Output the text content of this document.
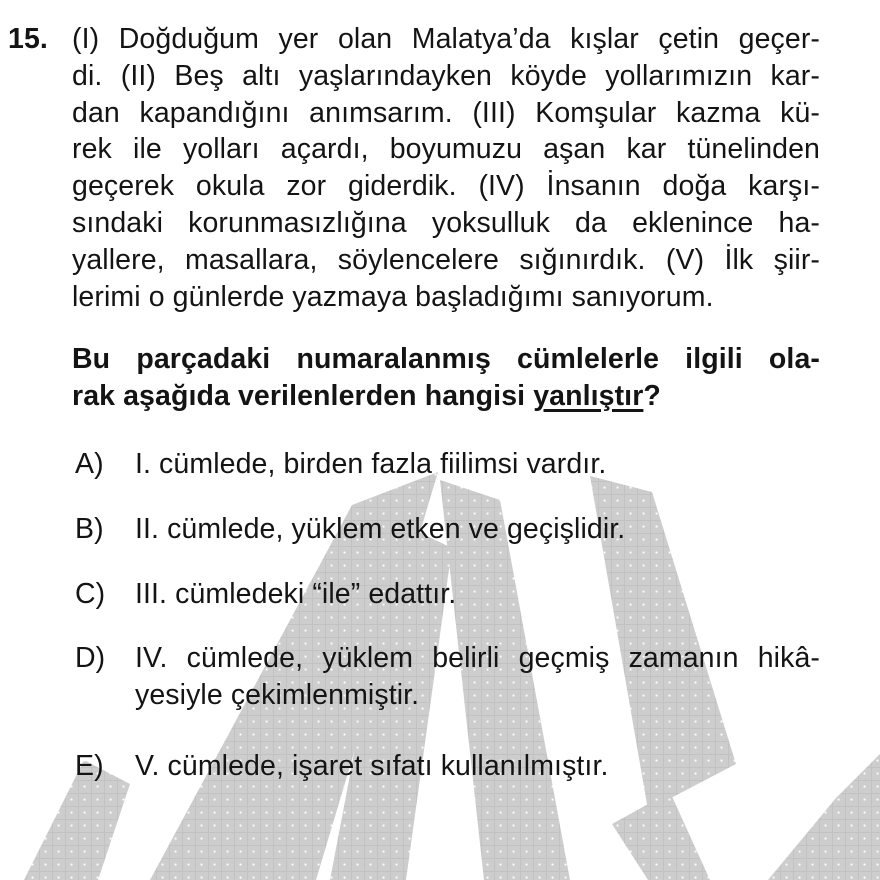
15. (I) Doğduğum yer olan Malatya’da kışlar çetin geçer-
di. (II) Beş altı yaşlarındayken köyde yollarımızın kar-
dan kapandığını anımsarım. (III) Komşular kazma kü-
rek ile yolları açardı, boyumuzu aşan kar tünelinden
geçerek okula zor giderdik. (IV) İnsanın doğa karşı-
sındaki korunmasızlığına yoksulluk da eklenince ha-
yallere, masallara, söylencelere sığınırdık. (V) İlk şiir-
lerimi o günlerde yazmaya başladığımı sanıyorum.
Bu parçadaki numaralanmış cümlelerle ilgili ola-
rak aşağıda verilenlerden hangisi yanlıştır?
A) I. cümlede, birden fazla fiilimsi vardır.
B) II. cümlede, yüklem etken ve geçişlidir.
C) III. cümledeki “ile” edattır.
D) IV. cümlede, yüklem belirli geçmiş zamanın hikâ-
yesiyle çekimlenmiştir.
E) V. cümlede, işaret sıfatı kullanılmıştır.
